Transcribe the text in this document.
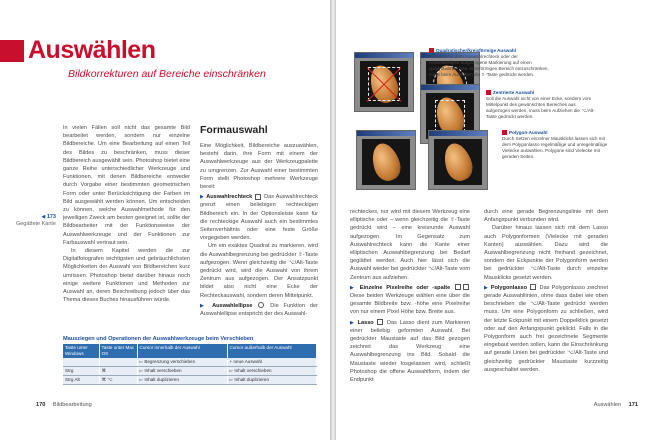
Auswählen
Bildkorrekturen auf Bereiche einschränken

In vielen Fällen soll nicht das gesamte Bild bearbeitet werden, sondern nur einzelne Bildbereiche. Um eine Bearbeitung auf einen Teil des Bildes zu beschränken, muss dieser Bildbereich ausgewählt sein. Photoshop bietet eine ganze Reihe unterschiedlicher Werkzeuge und Funktionen, mit denen Bildbereiche entweder durch Vorgabe einer bestimmten geometrischen Form oder unter Berücksichtigung der Farben im Bild ausgewählt werden können. Um entscheiden zu können, welche Auswahlmethode für den jeweiligen Zweck am besten geeignet ist, sollte der Bildbearbeiter mit der Funktionsweise der Auswahlwerkzeuge und der Funktionen zur Farbauswahl vertraut sein.

In diesem Kapitel werden die zur Digitalfotografen wichtigsten und gebräuchlichsten Möglichkeiten der Auswahl von Bildbereichen kurz umrissen. Photoshop bietet darüber hinaus noch einige weitere Funktionen und Methoden zur Auswahl an, deren Beschreibung jedoch über das Thema dieses Buches hinausführen würde.

◀ 173
Gegättete Kante
Formauswahl

Eine Möglichkeit, Bildbereiche auszuwählen, besteht darin, ihre Form mit einem der Auswahlwerkzeuge aus der Werkzeugpalette zu umgrenzen. Zur Auswahl einer bestimmten Form stellt Photoshop mehrere Werkzeuge bereit:

▶ Auswahlrechteck Das Auswahlrechteck grenzt einen beliebigen rechteckigen Bildbereich ein. In der Optionsleiste kann für die rechteckige Auswahl auch ein bestimmtes Seitenverhältnis oder eine feste Größe vorgegeben werden.

Um ein exaktes Quadrat zu markieren, wird die Auswahlbegrenzung bei gedrückter ⇧-Taste aufgezogen. Wenn gleichzeitig die ⌥/Alt-Taste gedrückt wird, wird die Auswahl von ihrem Zentrum aus aufgezogen. Der Ansatzpunkt bildet also nicht eine Ecke der Rechteckauswahl, sondern deren Mittelpunkt.

▶ Auswahlellipse	Die Funktion der Auswahlellipse entspricht der des Auswahl-

Mausziegen und Operationen der Auswahlwerkzeuge beim Verschieben
Taste unter Windows	Taste unter Mac OS	Cursor innerhalb der Auswahl	Cursor außerhalb der Auswahl
		▻ Begrenzung verschieben	+ neue Auswahl
Strg	⌘	▻ Inhalt verschieben	▻ Inhalt verschieben
Strg Alt	⌘ ⌥	▻ Inhalt duplizieren	▻ Inhalt duplizieren
170 Bildbearbeitung
Quadratischer/kreisförmige Auswahl
Um eine mit dem Auswahlrechteck oder der Auswahlellipse aufgezogene Markierung auf einen quadratischen bzw. kreisförmigen Bereich einzuschränken, muss beim Aufziehen die ⇧-Taste gedrückt werden.
Zentrierte Auswahl
Soll die Auswahl nicht von einer Ecke, sondern vom Mittelpunkt des gewünschten Bereiches aus aufgezogen werden, muss beim Aufziehen die ⌥/Alt-Taste gedrückt werden.
Polygon-Auswahl
Durch Setzen einzelner Mausklicks lassen sich mit dem Polygonlasso regelmäßige und unregelmäßige Vielecke auswählen. Polygone sind Vielecke mit geraden Seiten.

rechteckes, nur wird mit diesem Werkzeug eine elliptische oder – wenn gleichzeitig die ⇧-Taste gedrückt wird – eine kreisrunde Auswahl aufgezogen. Im Gegensatz zum Auswahlrechteck kann die Kante einer elliptischen Auswahlbegrenzung bei Bedarf geglättet werden. Auch hier lässt sich die Auswahl wieder bei gedrückter ⌥/Alt-Taste vom Zentrum aus aufziehen.

▶ Einzelne Pixelreihe oder -spalte  Diese beiden Werkzeuge wählen eine über die gesamte Bildbreite bzw. -höhe eine Pixelreihe von nur einem Pixel Höhe bzw. Breite aus.

▶ Lasso Das Lasso dient zum Markieren einer beliebig geformten Auswahl. Bei gedrückter Maustaste auf das Bild gezogen zeichnet das Werkzeug eine Auswahlbegrenzung ins Bild. Sobald die Maustaste wieder losgelassen wird, schließt Photoshop die offene Auswahlform, indem der Endpunkt

durch eine gerade Begrenzungslinie mit dem Anfangspunkt verbunden wird.

Darüber hinaus lassen sich mit dem Lasso auch Polygonformen (Vielecke mit geraden Kanten) auswählen. Dazu wird die Auswahlbegrenzung nicht freihand gezeichnet, sondern der Eckpunkte der Polygonform werden bei gedrückter ⌥/Alt-Taste durch einzelne Mausklicks gesetzt werden.

▶ Polygonlasso Das Polygonlasso zeichnet gerade Auswahllinien, ohne dass dabei wie oben beschrieben die ⌥/Alt-Taste gedrückt werden muss. Um eine Polygonform zu schließen, wird der letzte Eckpunkt mit einem Doppelklick gesetzt oder auf den Anfangspunkt geklickt. Falls in die Polygonform auch frei gezeichnete Segmente eingebaut werden sollen, kann die Einschränkung auf gerade Linien bei gedrückter ⌥/Alt-Taste und gleichzeitig gedrückter Maustaste kurzzeitig ausgeschaltet werden.

Auswählen 171
